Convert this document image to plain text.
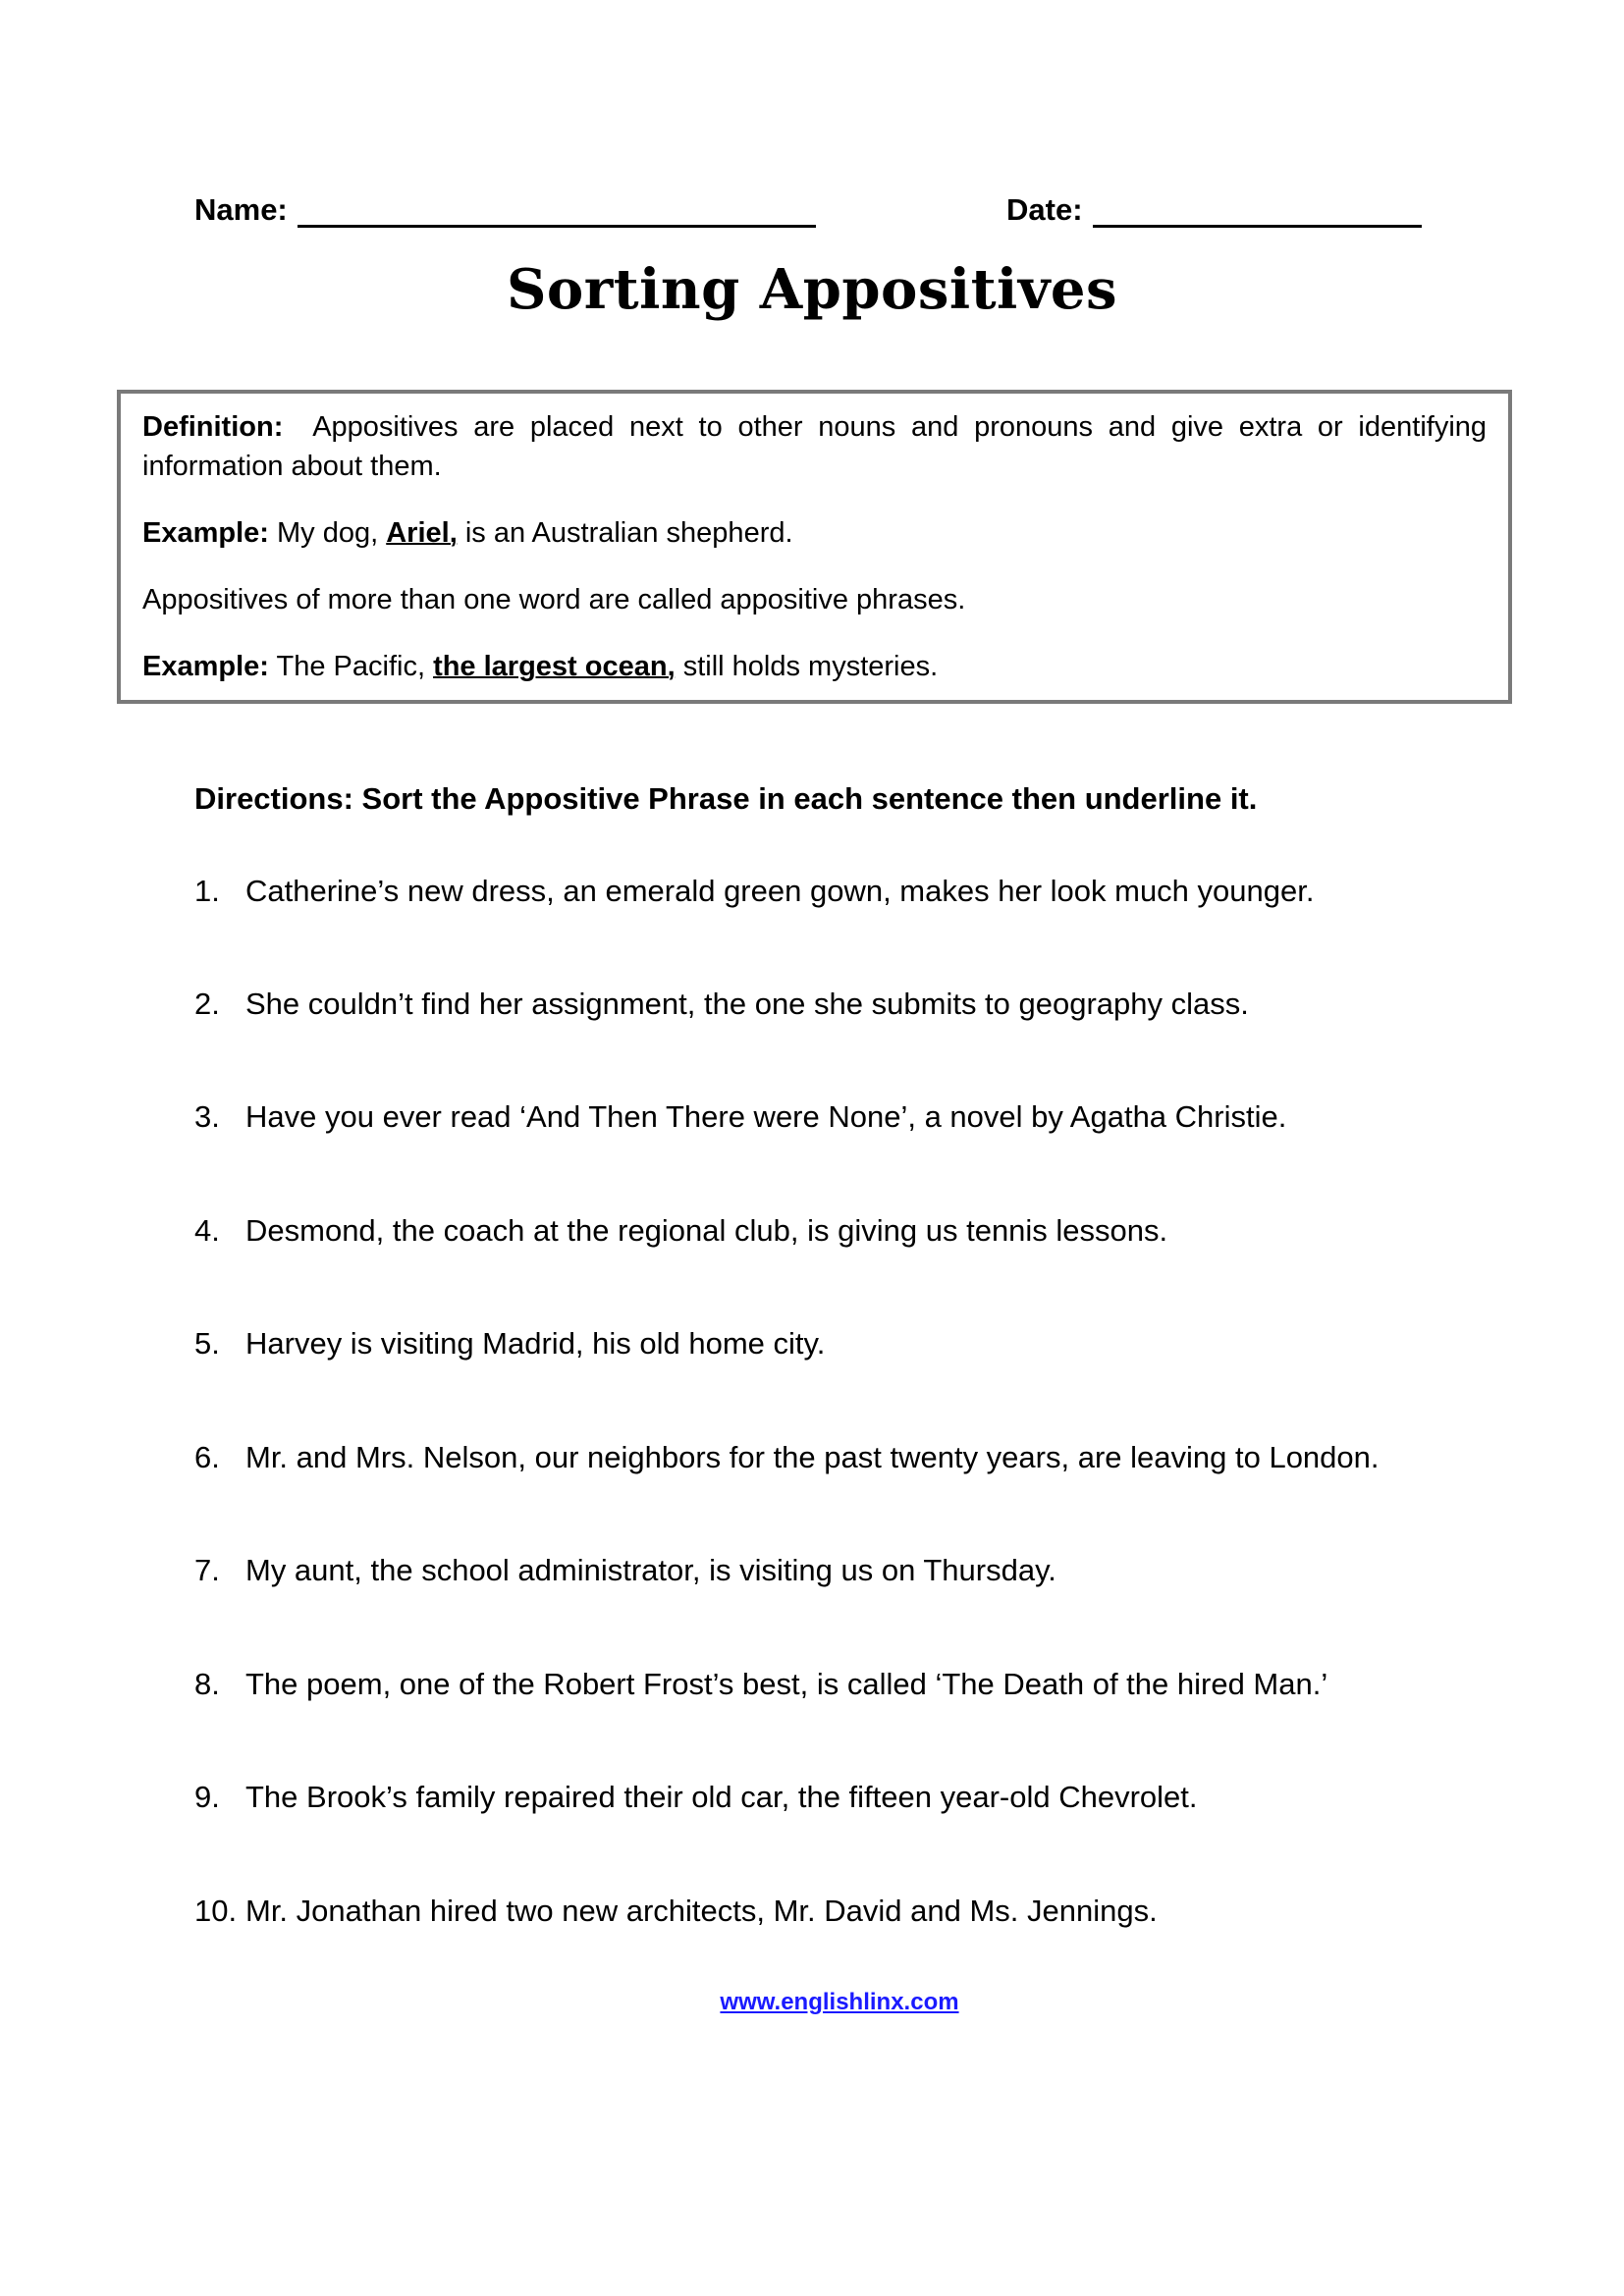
Name:	Date:
Sorting Appositives

Definition: Appositives are placed next to other nouns and pronouns and give extra or identifying information about them.

Example: My dog, Ariel, is an Australian shepherd.

Appositives of more than one word are called appositive phrases.

Example: The Pacific, the largest ocean, still holds mysteries.

Directions: Sort the Appositive Phrase in each sentence then underline it.
1. Catherine’s new dress, an emerald green gown, makes her look much younger.
2. She couldn’t find her assignment, the one she submits to geography class.
3. Have you ever read ‘And Then There were None’, a novel by Agatha Christie.
4. Desmond, the coach at the regional club, is giving us tennis lessons.
5. Harvey is visiting Madrid, his old home city.
6. Mr. and Mrs. Nelson, our neighbors for the past twenty years, are leaving to London.
7. My aunt, the school administrator, is visiting us on Thursday.
8. The poem, one of the Robert Frost’s best, is called ‘The Death of the hired Man.’
9. The Brook’s family repaired their old car, the fifteen year-old Chevrolet.
10. Mr. Jonathan hired two new architects, Mr. David and Ms. Jennings.
www.englishlinx.com
